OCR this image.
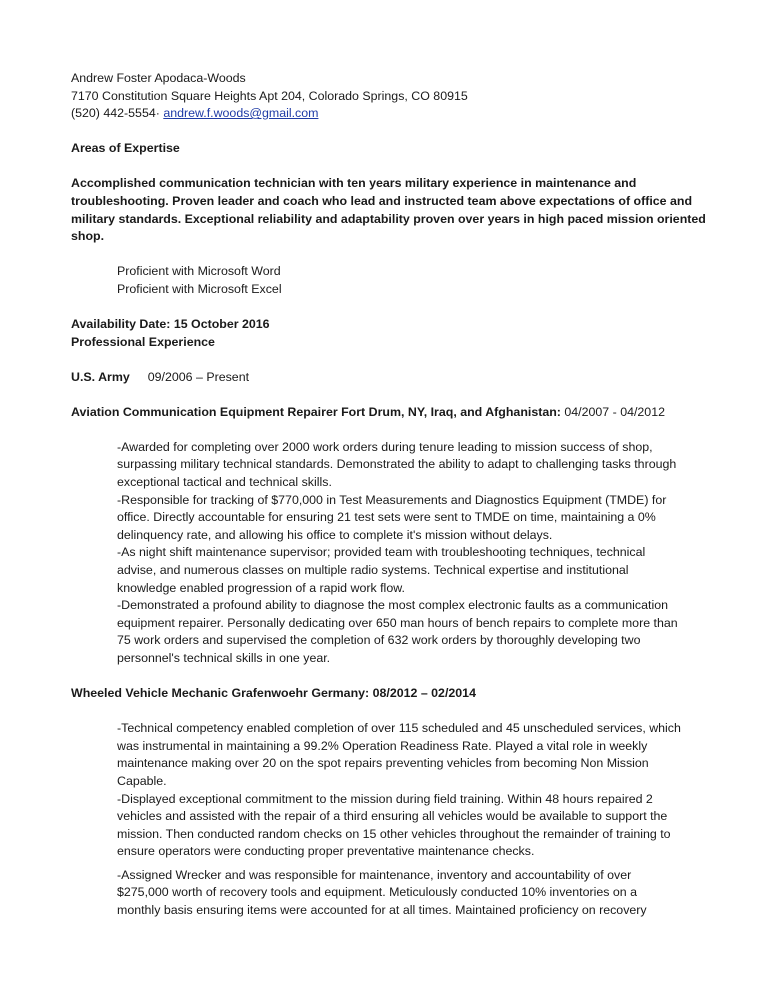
Andrew Foster Apodaca-Woods
7170 Constitution Square Heights Apt 204, Colorado Springs, CO 80915
(520) 442-5554· andrew.f.woods@gmail.com
Areas of Expertise
Accomplished communication technician with ten years military experience in maintenance and
troubleshooting. Proven leader and coach who lead and instructed team above expectations of office and
military standards. Exceptional reliability and adaptability proven over years in high paced mission oriented
shop.
Proficient with Microsoft Word
Proficient with Microsoft Excel
Availability Date: 15 October 2016
Professional Experience
U.S. Army 09/2006 – Present
Aviation Communication Equipment Repairer Fort Drum, NY, Iraq, and Afghanistan: 04/2007 - 04/2012
-Awarded for completing over 2000 work orders during tenure leading to mission success of shop,
surpassing military technical standards. Demonstrated the ability to adapt to challenging tasks through
exceptional tactical and technical skills.
-Responsible for tracking of $770,000 in Test Measurements and Diagnostics Equipment (TMDE) for
office. Directly accountable for ensuring 21 test sets were sent to TMDE on time, maintaining a 0%
delinquency rate, and allowing his office to complete it's mission without delays.
-As night shift maintenance supervisor; provided team with troubleshooting techniques, technical
advise, and numerous classes on multiple radio systems. Technical expertise and institutional
knowledge enabled progression of a rapid work flow.
-Demonstrated a profound ability to diagnose the most complex electronic faults as a communication
equipment repairer. Personally dedicating over 650 man hours of bench repairs to complete more than
75 work orders and supervised the completion of 632 work orders by thoroughly developing two
personnel's technical skills in one year.
Wheeled Vehicle Mechanic Grafenwoehr Germany: 08/2012 – 02/2014
-Technical competency enabled completion of over 115 scheduled and 45 unscheduled services, which
was instrumental in maintaining a 99.2% Operation Readiness Rate. Played a vital role in weekly
maintenance making over 20 on the spot repairs preventing vehicles from becoming Non Mission
Capable.
-Displayed exceptional commitment to the mission during field training. Within 48 hours repaired 2
vehicles and assisted with the repair of a third ensuring all vehicles would be available to support the
mission. Then conducted random checks on 15 other vehicles throughout the remainder of training to
ensure operators were conducting proper preventative maintenance checks.
-Assigned Wrecker and was responsible for maintenance, inventory and accountability of over
$275,000 worth of recovery tools and equipment. Meticulously conducted 10% inventories on a
monthly basis ensuring items were accounted for at all times. Maintained proficiency on recovery
